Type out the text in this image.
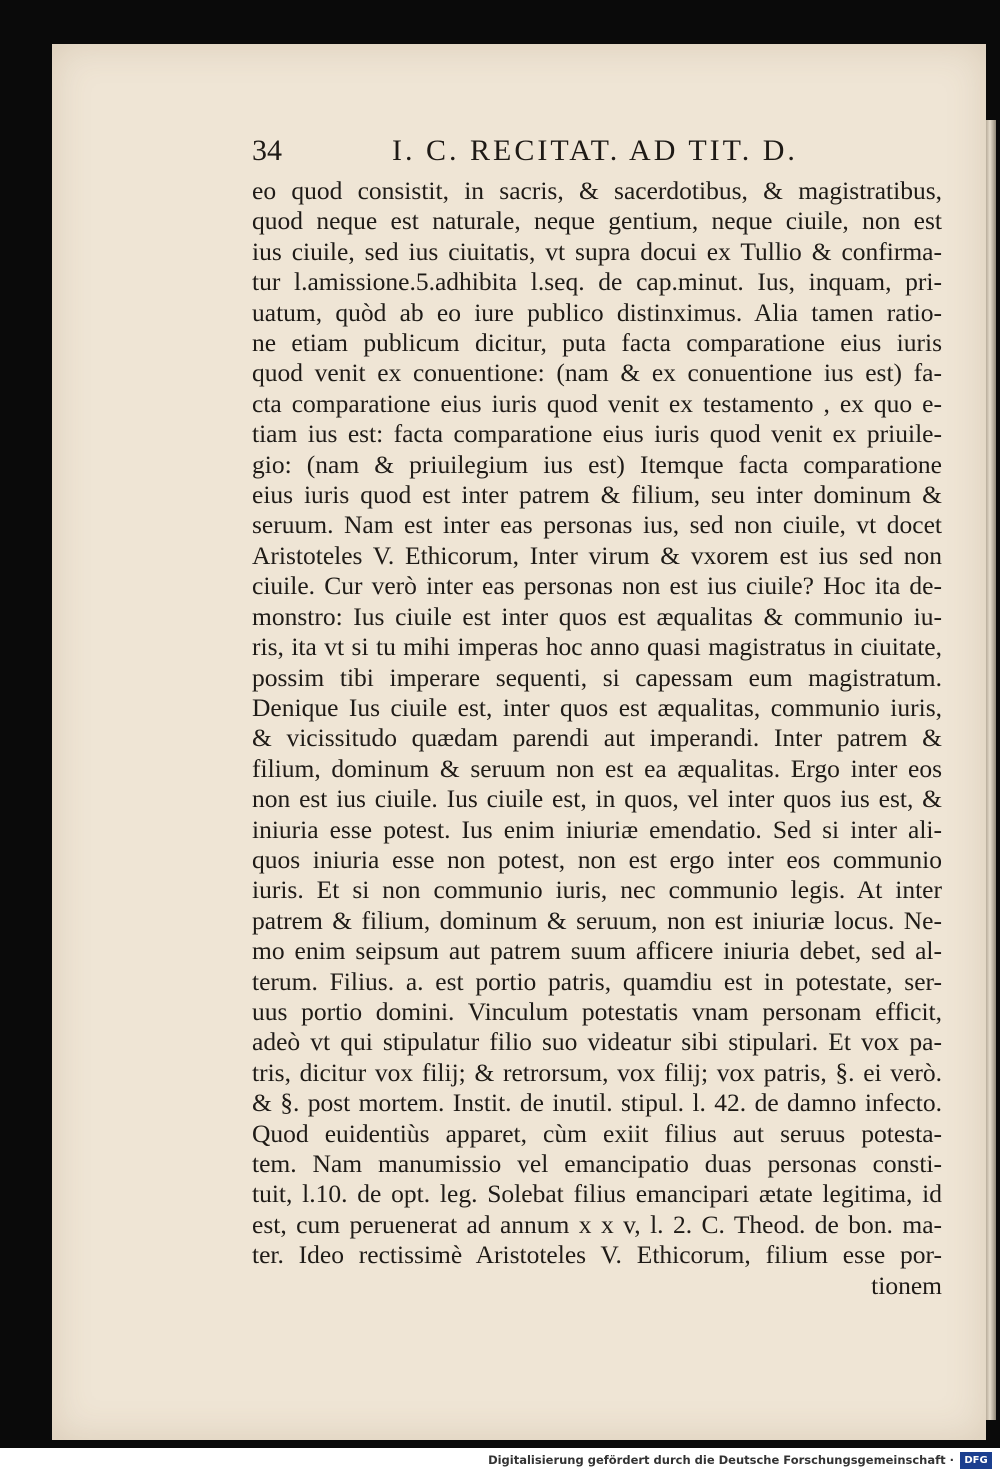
34	I. C. RECITAT. AD TIT. D.
eo quod consistit, in sacris, & sacerdotibus, & magistratibus,
quod neque est naturale, neque gentium, neque ciuile, non est
ius ciuile, sed ius ciuitatis, vt supra docui ex Tullio & confirma-
tur l.amissione.5.adhibita l.seq. de cap.minut. Ius, inquam, pri-
uatum, quòd ab eo iure publico distinximus. Alia tamen ratio-
ne etiam publicum dicitur, puta facta comparatione eius iuris
quod venit ex conuentione: (nam & ex conuentione ius est) fa-
cta comparatione eius iuris quod venit ex testamento , ex quo e-
tiam ius est: facta comparatione eius iuris quod venit ex priuile-
gio: (nam & priuilegium ius est) Itemque facta comparatione
eius iuris quod est inter patrem & filium, seu inter dominum &
seruum. Nam est inter eas personas ius, sed non ciuile, vt docet
Aristoteles V. Ethicorum, Inter virum & vxorem est ius sed non
ciuile. Cur verò inter eas personas non est ius ciuile? Hoc ita de-
monstro: Ius ciuile est inter quos est æqualitas & communio iu-
ris, ita vt si tu mihi imperas hoc anno quasi magistratus in ciuitate,
possim tibi imperare sequenti, si capessam eum magistratum.
Denique Ius ciuile est, inter quos est æqualitas, communio iuris,
& vicissitudo quædam parendi aut imperandi. Inter patrem &
filium, dominum & seruum non est ea æqualitas. Ergo inter eos
non est ius ciuile. Ius ciuile est, in quos, vel inter quos ius est, &
iniuria esse potest. Ius enim iniuriæ emendatio. Sed si inter ali-
quos iniuria esse non potest, non est ergo inter eos communio
iuris. Et si non communio iuris, nec communio legis. At inter
patrem & filium, dominum & seruum, non est iniuriæ locus. Ne-
mo enim seipsum aut patrem suum afficere iniuria debet, sed al-
terum. Filius. a. est portio patris, quamdiu est in potestate, ser-
uus portio domini. Vinculum potestatis vnam personam efficit,
adeò vt qui stipulatur filio suo videatur sibi stipulari. Et vox pa-
tris, dicitur vox filij; & retrorsum, vox filij; vox patris, §. ei verò.
& §. post mortem. Instit. de inutil. stipul. l. 42. de damno infecto.
Quod euidentiùs apparet, cùm exiit filius aut seruus potesta-
tem. Nam manumissio vel emancipatio duas personas consti-
tuit, l.10. de opt. leg. Solebat filius emancipari ætate legitima, id
est, cum peruenerat ad annum x x v, l. 2. C. Theod. de bon. ma-
ter. Ideo rectissimè Aristoteles V. Ethicorum, filium esse por-
tionem
Digitalisierung gefördert durch die Deutsche Forschungsgemeinschaft ·	DFG
